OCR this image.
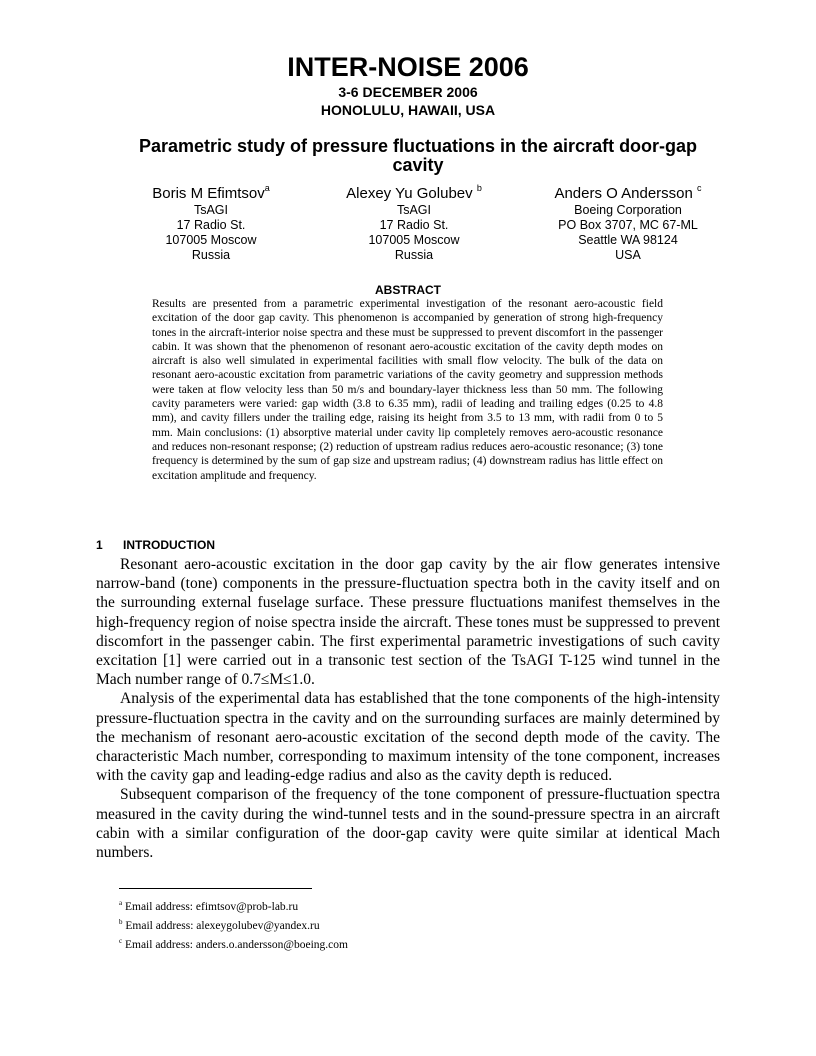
INTER-NOISE 2006
3-6 DECEMBER 2006
HONOLULU, HAWAII, USA
Parametric study of pressure fluctuations in the aircraft door-gap cavity
Boris M Efimtsov$^a$
TsAGI
17 Radio St.
107005 Moscow
Russia
Alexey Yu Golubev $^b$
TsAGI
17 Radio St.
107005 Moscow
Russia
Anders O Andersson $^c$
Boeing Corporation
PO Box 3707, MC 67-ML
Seattle WA 98124
USA
ABSTRACT
Results are presented from a parametric experimental investigation of the resonant aero-acoustic field excitation of the door gap cavity. This phenomenon is accompanied by generation of strong high-frequency tones in the aircraft-interior noise spectra and these must be suppressed to prevent discomfort in the passenger cabin. It was shown that the phenomenon of resonant aero-acoustic excitation of the cavity depth modes on aircraft is also well simulated in experimental facilities with small flow velocity. The bulk of the data on resonant aero-acoustic excitation from parametric variations of the cavity geometry and suppression methods were taken at flow velocity less than 50 m/s and boundary-layer thickness less than 50 mm. The following cavity parameters were varied: gap width (3.8 to 6.35 mm), radii of leading and trailing edges (0.25 to 4.8 mm), and cavity fillers under the trailing edge, raising its height from 3.5 to 13 mm, with radii from 0 to 5 mm. Main conclusions: (1) absorptive material under cavity lip completely removes aero-acoustic resonance and reduces non-resonant response; (2) reduction of upstream radius reduces aero-acoustic resonance; (3) tone frequency is determined by the sum of gap size and upstream radius; (4) downstream radius has little effect on excitation amplitude and frequency.
1 INTRODUCTION

Resonant aero-acoustic excitation in the door gap cavity by the air flow generates intensive narrow-band (tone) components in the pressure-fluctuation spectra both in the cavity itself and on the surrounding external fuselage surface. These pressure fluctuations manifest themselves in the high-frequency region of noise spectra inside the aircraft. These tones must be suppressed to prevent discomfort in the passenger cabin. The first experimental parametric investigations of such cavity excitation [1] were carried out in a transonic test section of the TsAGI T-125 wind tunnel in the Mach number range of 0.7≤M≤1.0.

Analysis of the experimental data has established that the tone components of the high-intensity pressure-fluctuation spectra in the cavity and on the surrounding surfaces are mainly determined by the mechanism of resonant aero-acoustic excitation of the second depth mode of the cavity. The characteristic Mach number, corresponding to maximum intensity of the tone component, increases with the cavity gap and leading-edge radius and also as the cavity depth is reduced.

Subsequent comparison of the frequency of the tone component of pressure-fluctuation spectra measured in the cavity during the wind-tunnel tests and in the sound-pressure spectra in an aircraft cabin with a similar configuration of the door-gap cavity were quite similar at identical Mach numbers.

$^a$ Email address: efimtsov@prob-lab.ru
$^b$ Email address: alexeygolubev@yandex.ru
$^c$ Email address: anders.o.andersson@boeing.com
